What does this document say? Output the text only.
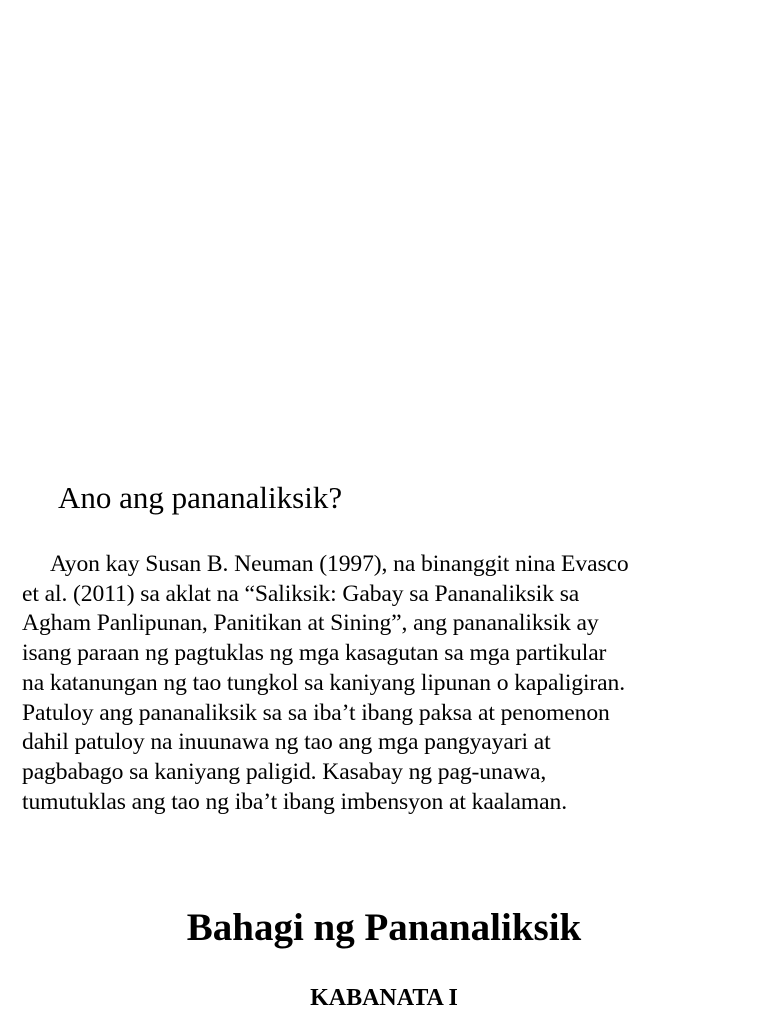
Ano ang pananaliksik?
Ayon kay Susan B. Neuman (1997), na binanggit nina Evasco
et al. (2011) sa aklat na “Saliksik: Gabay sa Pananaliksik sa
Agham Panlipunan, Panitikan at Sining”, ang pananaliksik ay
isang paraan ng pagtuklas ng mga kasagutan sa mga partikular
na katanungan ng tao tungkol sa kaniyang lipunan o kapaligiran.
Patuloy ang pananaliksik sa sa iba’t ibang paksa at penomenon
dahil patuloy na inuunawa ng tao ang mga pangyayari at
pagbabago sa kaniyang paligid. Kasabay ng pag-unawa,
tumutuklas ang tao ng iba’t ibang imbensyon at kaalaman.
Bahagi ng Pananaliksik
KABANATA I
